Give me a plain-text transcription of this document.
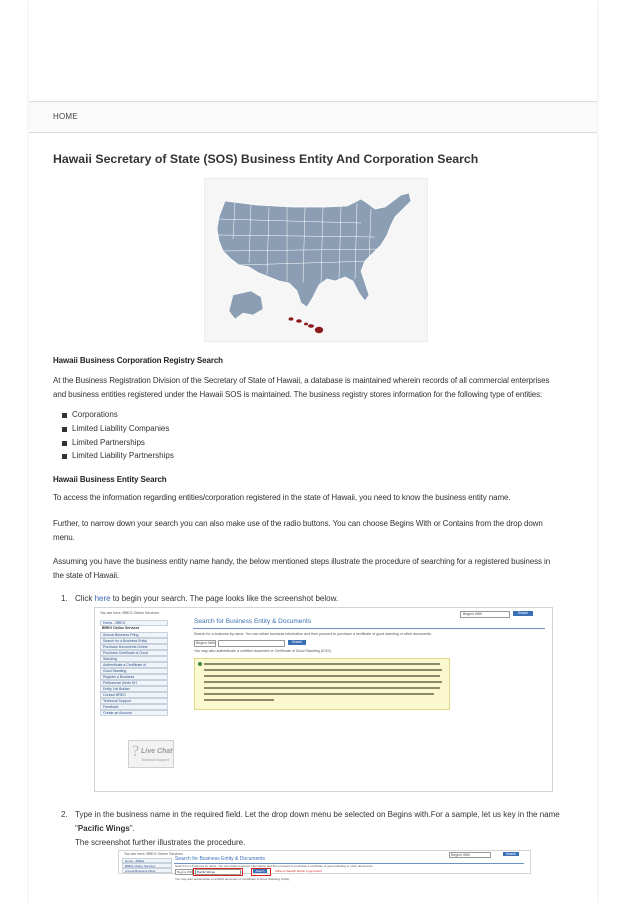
HOME
Hawaii Secretary of State (SOS) Business Entity And Corporation Search
Hawaii Business Corporation Registry Search
At the Business Registration Division of the Secretary of State of Hawaii, a database is maintained wherein records of all commercial enterprises
and business entities registered under the Hawaii SOS is maintained. The business registry stores information for the following type of entities:
Corporations
Limited Liability Companies
Limited Partnerships
Limited Liability Partnerships
Hawaii Business Entity Search
To access the information regarding entities/corporation registered in the state of Hawaii, you need to know the business entity name.
Further, to narrow down your search you can also make use of the radio buttons. You can choose Begins With or Contains from the drop down
menu.
Assuming you have the business entity name handy, the below mentioned steps illustrate the procedure of searching for a registered business in
the state of Hawaii.
1. Click here to begin your search. The page looks like the screenshot below.
You are here: BREG Online Services	Begins With	Search
Home - BREG
BREG Online Services
Annual Business Filing
Search for a Business Entity
Purchase Documents Online
Purchase Certificate of Good
Standing
Authenticate a Certificate of
Good Standing
Register a Business
Pelikommei Alerts SH
Entity List Builder
Contact BREG
Technical Support
Feedback
Create an Account
Search for Business Entity & Documents
Search for a business by name. You can obtain business information and then proceed to purchase a certificate of good standing or other documents.
Begins With	Search
You may also authenticate a certified document or Certificate of Good Standing (CGS).
? Live Chat
Technical Support
2. Type in the business name in the required field. Let the drop down menu be selected on Begins with.For a sample, let us key in the name
"Pacific Wings".
The screenshot further illustrates the procedure.
You are here: BREG Online Services	Begins With	Search
Search for Business Entity & Documents
Home - BREG
BREG Online Services
Annual Business Filing
Search for a business by name. You can obtain business information and then proceed to purchase a certificate of good standing or other documents.
Begins With Pacific Wings	Search	Click on Search button to get result
You may also authenticate a certified document or Certificate of Good Standing (CGS).
